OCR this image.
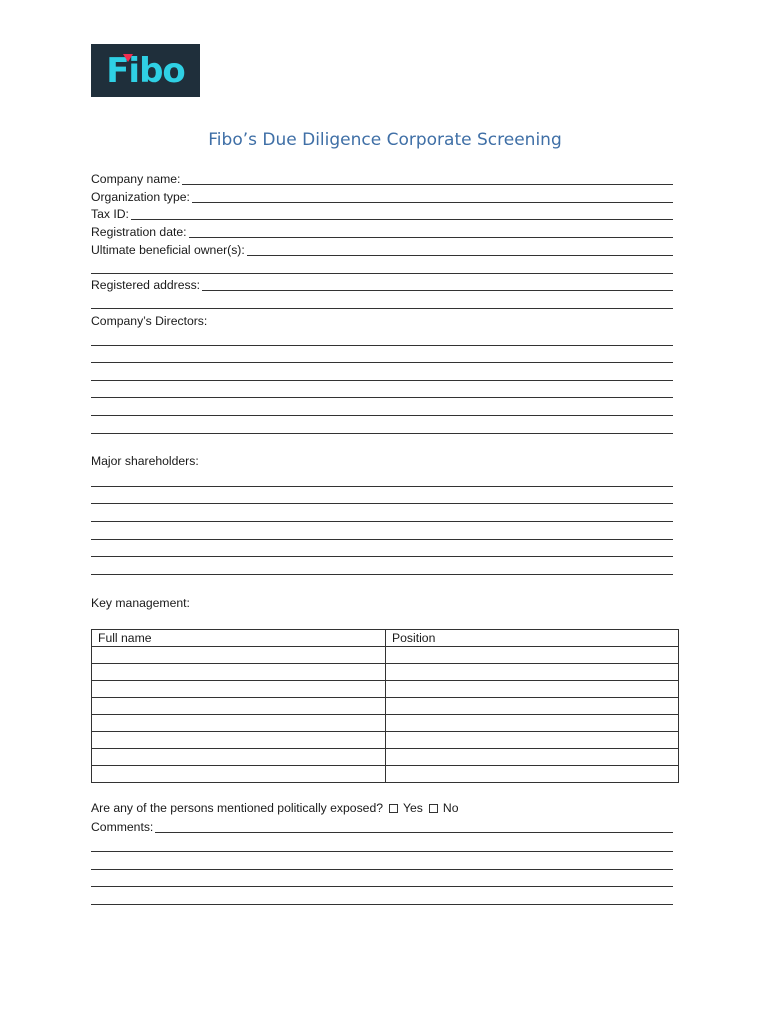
Fibo
Fibo’s Due Diligence Corporate Screening
Company name:
Organization type:
Tax ID:
Registration date:
Ultimate beneficial owner(s):
Registered address:
Company’s Directors:
Major shareholders:
Key management:
Full name	Position

Are any of the persons mentioned politically exposed? Yes No
Comments:
